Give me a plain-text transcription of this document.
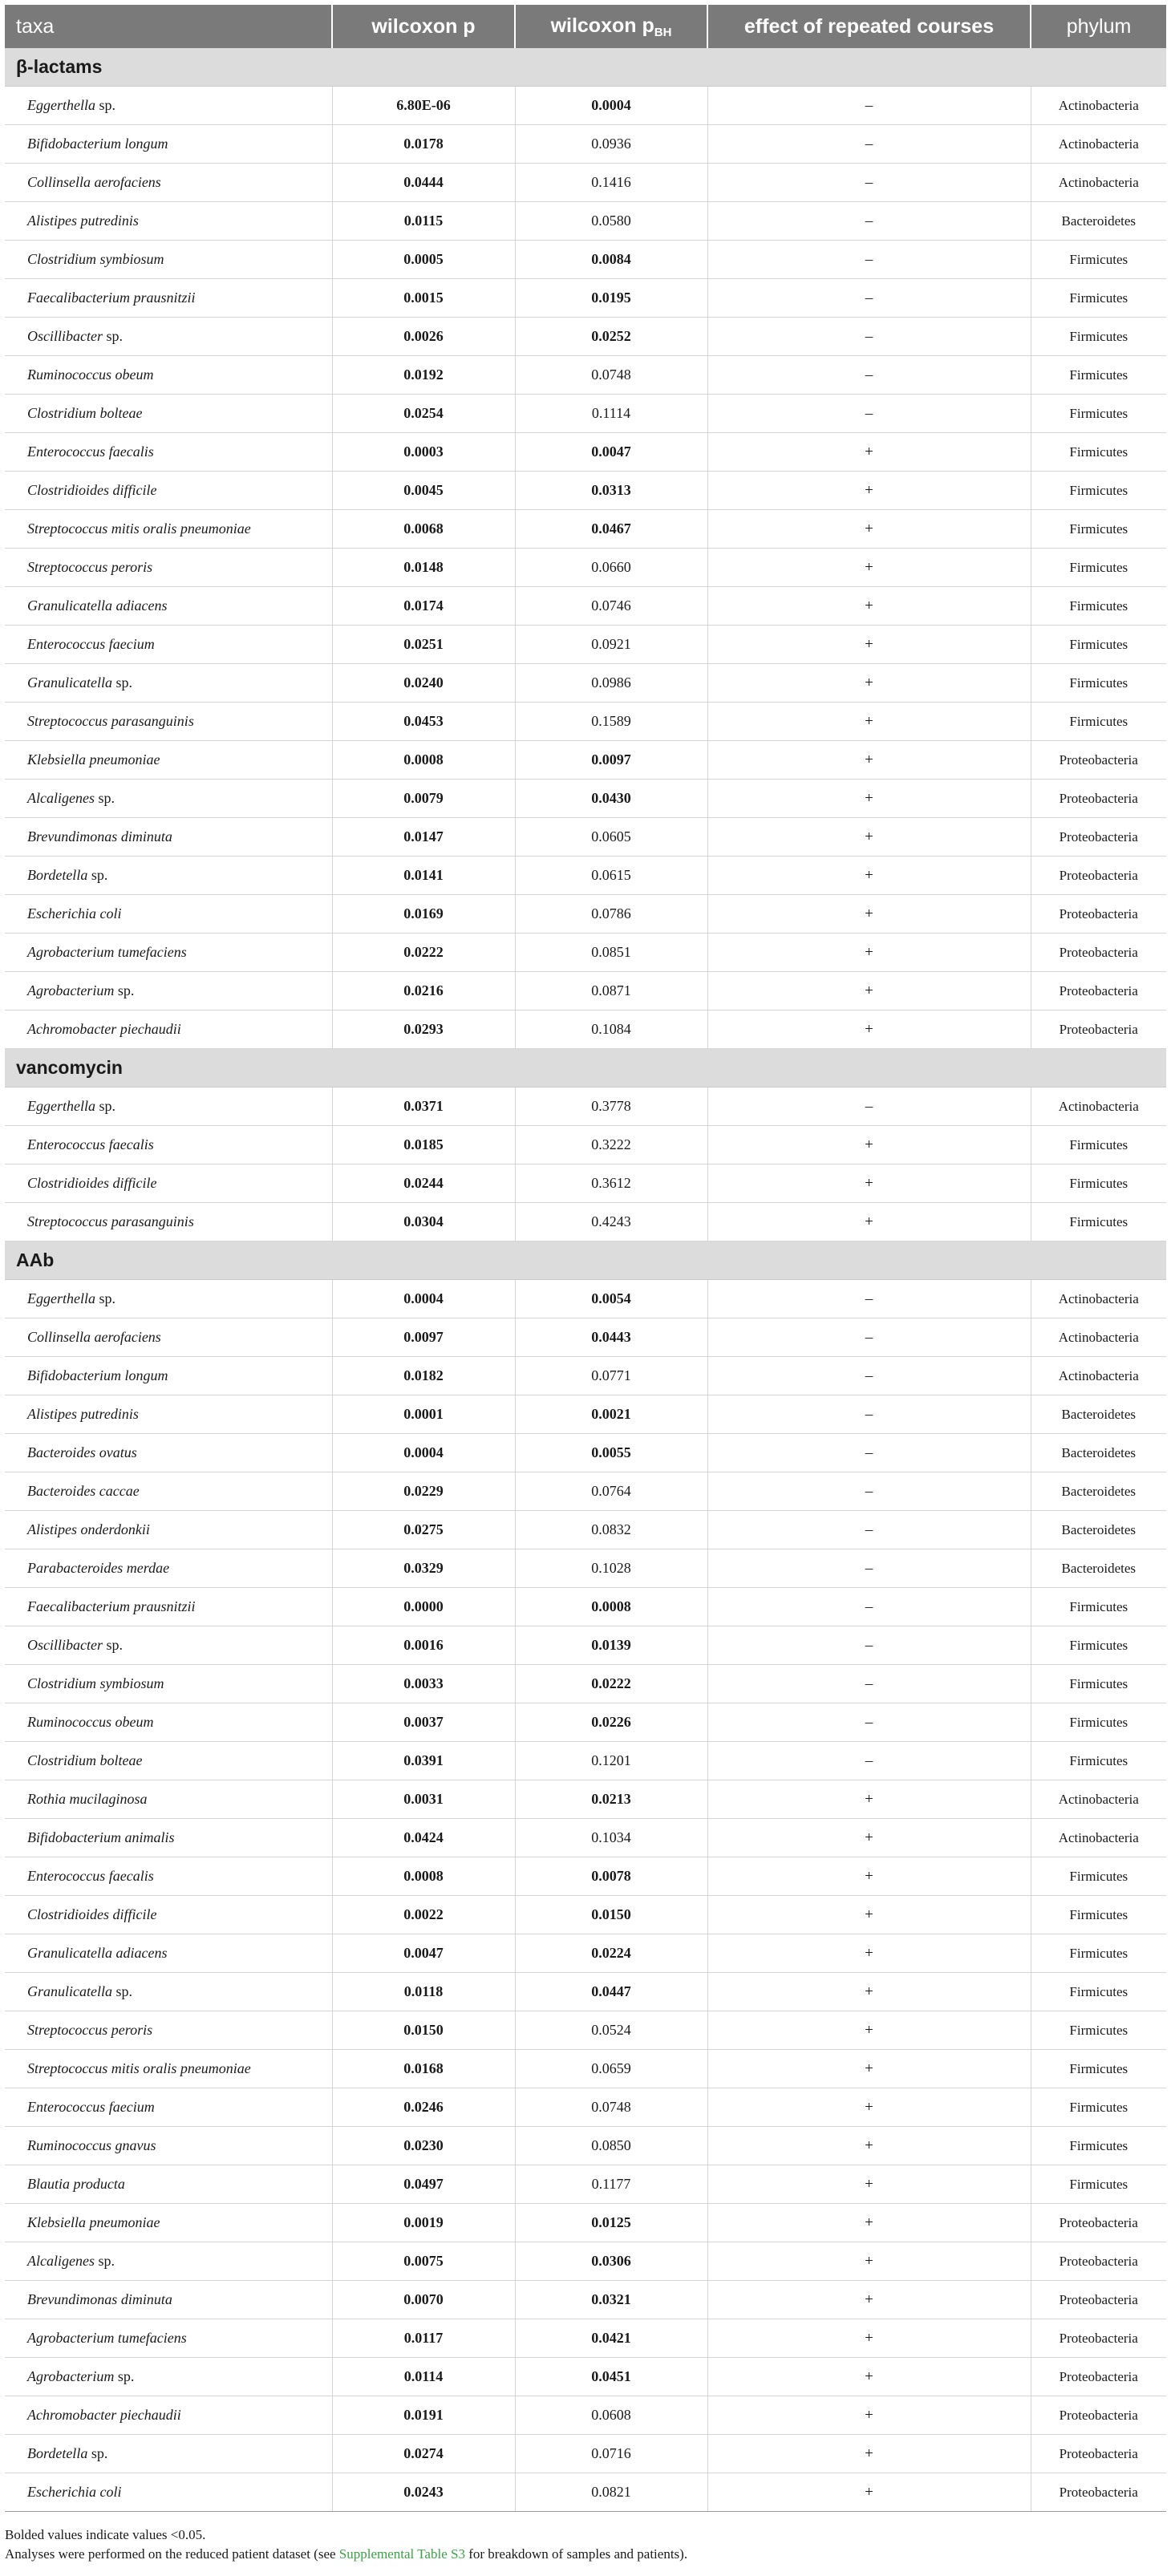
taxa	wilcoxon p	wilcoxon $p_{BH}$	effect of repeated courses	phylum
β-lactams				
Eggerthella sp.	6.80E-06	0.0004	–	Actinobacteria
Bifidobacterium longum	0.0178	0.0936	–	Actinobacteria
Collinsella aerofaciens	0.0444	0.1416	–	Actinobacteria
Alistipes putredinis	0.0115	0.0580	–	Bacteroidetes
Clostridium symbiosum	0.0005	0.0084	–	Firmicutes
Faecalibacterium prausnitzii	0.0015	0.0195	–	Firmicutes
Oscillibacter sp.	0.0026	0.0252	–	Firmicutes
Ruminococcus obeum	0.0192	0.0748	–	Firmicutes
Clostridium bolteae	0.0254	0.1114	–	Firmicutes
Enterococcus faecalis	0.0003	0.0047	+	Firmicutes
Clostridioides difficile	0.0045	0.0313	+	Firmicutes
Streptococcus mitis oralis pneumoniae	0.0068	0.0467	+	Firmicutes
Streptococcus peroris	0.0148	0.0660	+	Firmicutes
Granulicatella adiacens	0.0174	0.0746	+	Firmicutes
Enterococcus faecium	0.0251	0.0921	+	Firmicutes
Granulicatella sp.	0.0240	0.0986	+	Firmicutes
Streptococcus parasanguinis	0.0453	0.1589	+	Firmicutes
Klebsiella pneumoniae	0.0008	0.0097	+	Proteobacteria
Alcaligenes sp.	0.0079	0.0430	+	Proteobacteria
Brevundimonas diminuta	0.0147	0.0605	+	Proteobacteria
Bordetella sp.	0.0141	0.0615	+	Proteobacteria
Escherichia coli	0.0169	0.0786	+	Proteobacteria
Agrobacterium tumefaciens	0.0222	0.0851	+	Proteobacteria
Agrobacterium sp.	0.0216	0.0871	+	Proteobacteria
Achromobacter piechaudii	0.0293	0.1084	+	Proteobacteria
vancomycin				
Eggerthella sp.	0.0371	0.3778	–	Actinobacteria
Enterococcus faecalis	0.0185	0.3222	+	Firmicutes
Clostridioides difficile	0.0244	0.3612	+	Firmicutes
Streptococcus parasanguinis	0.0304	0.4243	+	Firmicutes
AAb				
Eggerthella sp.	0.0004	0.0054	–	Actinobacteria
Collinsella aerofaciens	0.0097	0.0443	–	Actinobacteria
Bifidobacterium longum	0.0182	0.0771	–	Actinobacteria
Alistipes putredinis	0.0001	0.0021	–	Bacteroidetes
Bacteroides ovatus	0.0004	0.0055	–	Bacteroidetes
Bacteroides caccae	0.0229	0.0764	–	Bacteroidetes
Alistipes onderdonkii	0.0275	0.0832	–	Bacteroidetes
Parabacteroides merdae	0.0329	0.1028	–	Bacteroidetes
Faecalibacterium prausnitzii	0.0000	0.0008	–	Firmicutes
Oscillibacter sp.	0.0016	0.0139	–	Firmicutes
Clostridium symbiosum	0.0033	0.0222	–	Firmicutes
Ruminococcus obeum	0.0037	0.0226	–	Firmicutes
Clostridium bolteae	0.0391	0.1201	–	Firmicutes
Rothia mucilaginosa	0.0031	0.0213	+	Actinobacteria
Bifidobacterium animalis	0.0424	0.1034	+	Actinobacteria
Enterococcus faecalis	0.0008	0.0078	+	Firmicutes
Clostridioides difficile	0.0022	0.0150	+	Firmicutes
Granulicatella adiacens	0.0047	0.0224	+	Firmicutes
Granulicatella sp.	0.0118	0.0447	+	Firmicutes
Streptococcus peroris	0.0150	0.0524	+	Firmicutes
Streptococcus mitis oralis pneumoniae	0.0168	0.0659	+	Firmicutes
Enterococcus faecium	0.0246	0.0748	+	Firmicutes
Ruminococcus gnavus	0.0230	0.0850	+	Firmicutes
Blautia producta	0.0497	0.1177	+	Firmicutes
Klebsiella pneumoniae	0.0019	0.0125	+	Proteobacteria
Alcaligenes sp.	0.0075	0.0306	+	Proteobacteria
Brevundimonas diminuta	0.0070	0.0321	+	Proteobacteria
Agrobacterium tumefaciens	0.0117	0.0421	+	Proteobacteria
Agrobacterium sp.	0.0114	0.0451	+	Proteobacteria
Achromobacter piechaudii	0.0191	0.0608	+	Proteobacteria
Bordetella sp.	0.0274	0.0716	+	Proteobacteria
Escherichia coli	0.0243	0.0821	+	Proteobacteria
Bolded values indicate values <0.05.
Analyses were performed on the reduced patient dataset (see Supplemental Table S3 for breakdown of samples and patients).
